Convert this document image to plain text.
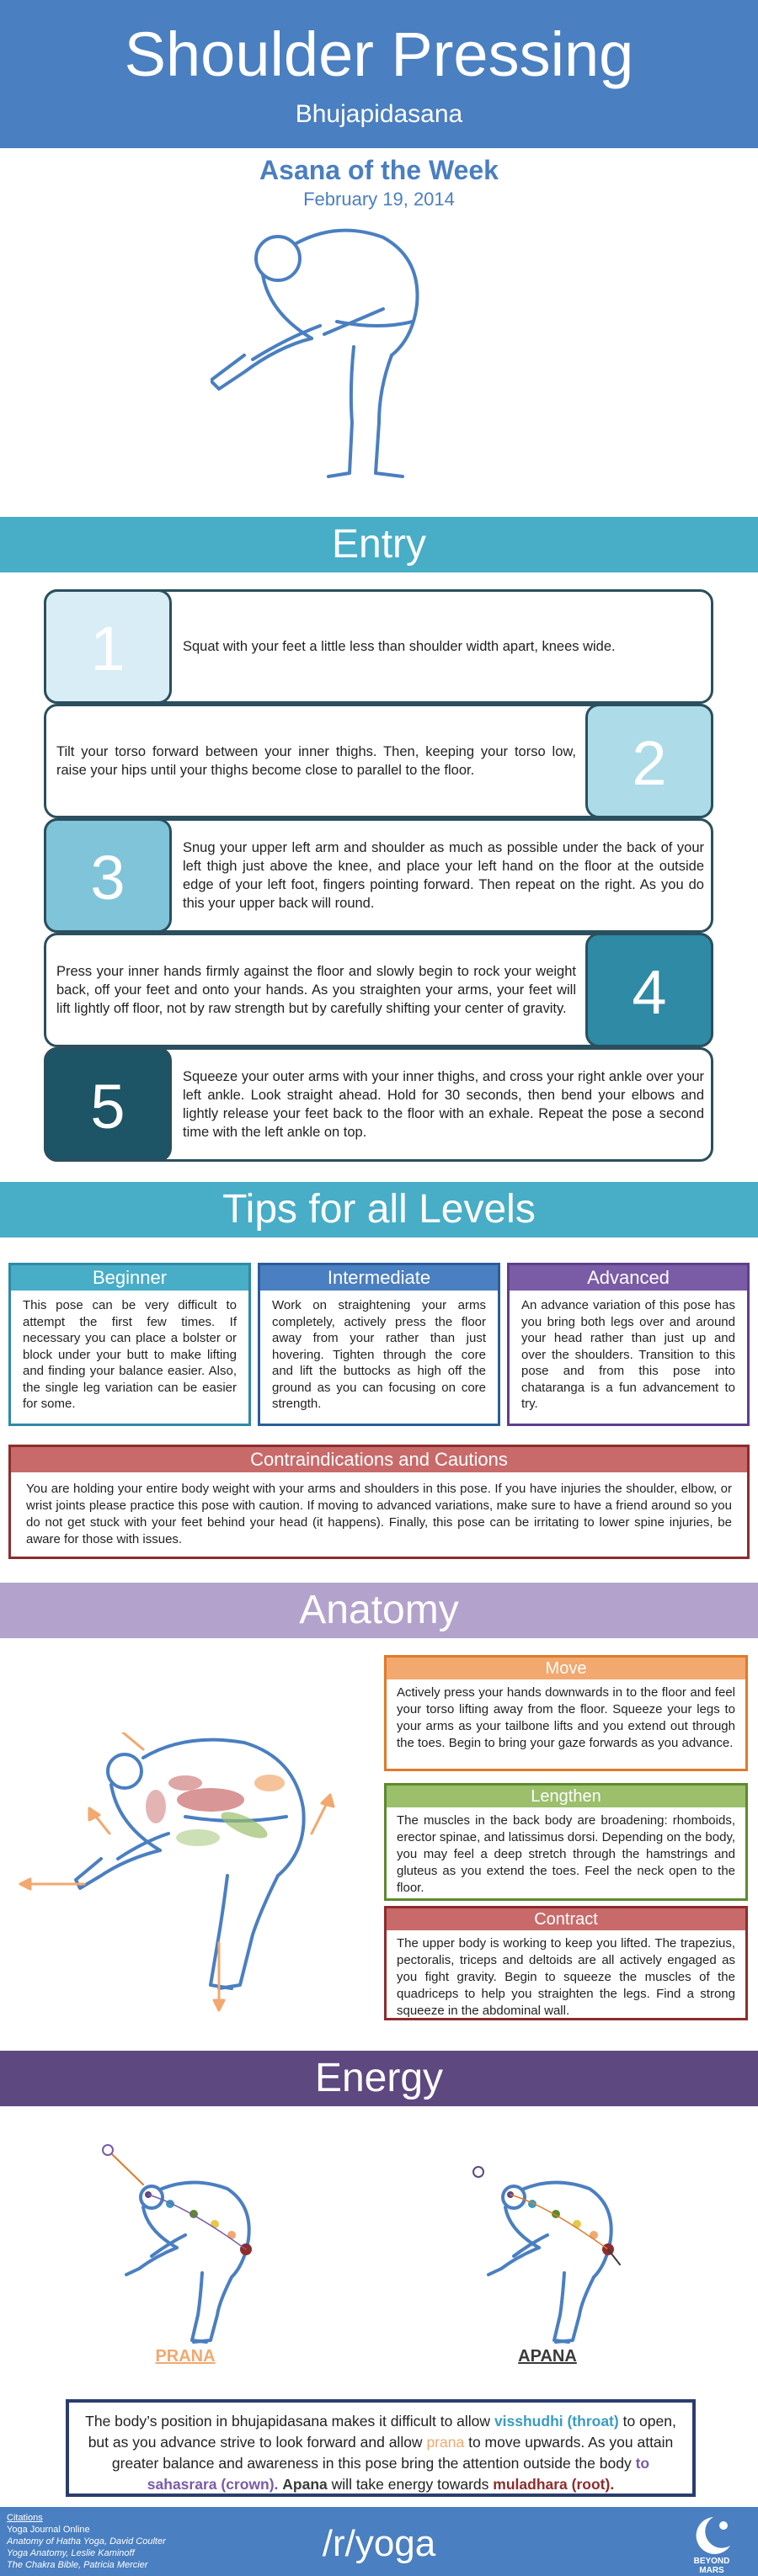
Shoulder Pressing
Bhujapidasana
Asana of the Week
February 19, 2014
Entry
1	Squat with your feet a little less than shoulder width apart, knees wide.
Tilt your torso forward between your inner thighs. Then, keeping your torso low, raise your hips until your thighs become close to parallel to the floor.	2
3	Snug your upper left arm and shoulder as much as possible under the back of your left thigh just above the knee, and place your left hand on the floor at the outside edge of your left foot, fingers pointing forward. Then repeat on the right. As you do this your upper back will round.
Press your inner hands firmly against the floor and slowly begin to rock your weight back, off your feet and onto your hands. As you straighten your arms, your feet will lift lightly off floor, not by raw strength but by carefully shifting your center of gravity.	4
5	Squeeze your outer arms with your inner thighs, and cross your right ankle over your left ankle. Look straight ahead. Hold for 30 seconds, then bend your elbows and lightly release your feet back to the floor with an exhale. Repeat the pose a second time with the left ankle on top.
Tips for all Levels
Beginner
This pose can be very difficult to attempt the first few times. If necessary you can place a bolster or block under your butt to make lifting and finding your balance easier. Also, the single leg variation can be easier for some.
Intermediate
Work on straightening your arms completely, actively press the floor away from your rather than just hovering. Tighten through the core and lift the buttocks as high off the ground as you can focusing on core strength.
Advanced
An advance variation of this pose has you bring both legs over and around your head rather than just up and over the shoulders. Transition to this pose and from this pose into chataranga is a fun advancement to try.
Contraindications and Cautions
You are holding your entire body weight with your arms and shoulders in this pose. If you have injuries the shoulder, elbow, or wrist joints please practice this pose with caution. If moving to advanced variations, make sure to have a friend around so you do not get stuck with your feet behind your head (it happens). Finally, this pose can be irritating to lower spine injuries, be aware for those with issues.
Anatomy
Move
Actively press your hands downwards in to the floor and feel your torso lifting away from the floor. Squeeze your legs to your arms as your tailbone lifts and you extend out through the toes. Begin to bring your gaze forwards as you advance.
Lengthen
The muscles in the back body are broadening: rhomboids, erector spinae, and latissimus dorsi. Depending on the body, you may feel a deep stretch through the hamstrings and gluteus as you extend the toes. Feel the neck open to the floor.
Contract
The upper body is working to keep you lifted. The trapezius, pectoralis, triceps and deltoids are all actively engaged as you fight gravity. Begin to squeeze the muscles of the quadriceps to help you straighten the legs. Find a strong squeeze in the abdominal wall.
Energy
PRANA	APANA
The body’s position in bhujapidasana makes it difficult to allow visshudhi (throat) to open, but as you advance strive to look forward and allow prana to move upwards. As you attain greater balance and awareness in this pose bring the attention outside the body to sahasrara (crown). Apana will take energy towards muladhara (root).
Citations
Yoga Journal Online
Anatomy of Hatha Yoga, David Coulter
Yoga Anatomy, Leslie Kaminoff
The Chakra Bible, Patricia Mercier
/r/yoga	BEYOND MARS
